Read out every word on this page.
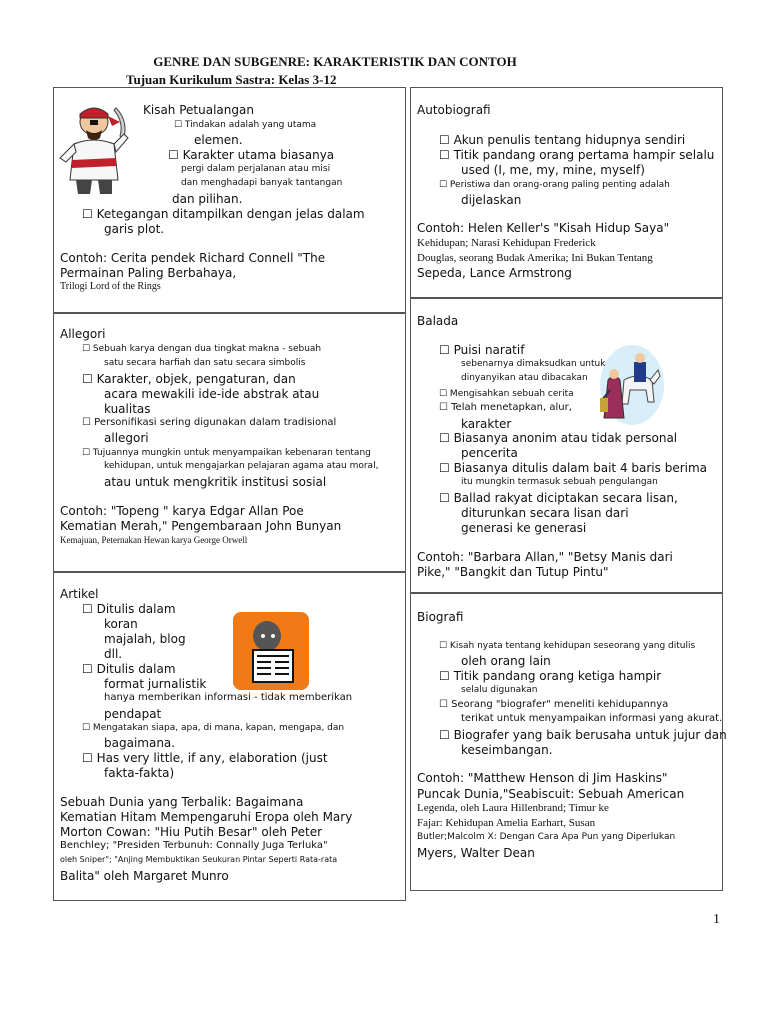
GENRE DAN SUBGENRE: KARAKTERISTIK DAN CONTOH
Tujuan Kurikulum Sastra: Kelas 3-12
Kisah Petualangan
☐ Tindakan adalah yang utama
elemen.
☐ Karakter utama biasanya
pergi dalam perjalanan atau misi
dan menghadapi banyak tantangan
dan pilihan.
☐ Ketegangan ditampilkan dengan jelas dalam
garis plot.
Contoh: Cerita pendek Richard Connell "The
Permainan Paling Berbahaya,
Trilogi Lord of the Rings
Allegori
☐ Sebuah karya dengan dua tingkat makna - sebuah
satu secara harfiah dan satu secara simbolis
☐ Karakter, objek, pengaturan, dan
acara mewakili ide-ide abstrak atau
kualitas
☐ Personifikasi sering digunakan dalam tradisional
allegori
☐ Tujuannya mungkin untuk menyampaikan kebenaran tentang
kehidupan, untuk mengajarkan pelajaran agama atau moral,
atau untuk mengkritik institusi sosial
Contoh: "Topeng " karya Edgar Allan Poe
Kematian Merah," Pengembaraan John Bunyan
Kemajuan, Peternakan Hewan karya George Orwell
Artikel
☐ Ditulis dalam
koran
majalah, blog
dll.
☐ Ditulis dalam
format jurnalistik
hanya memberikan informasi - tidak memberikan
pendapat
☐ Mengatakan siapa, apa, di mana, kapan, mengapa, dan
bagaimana.
☐ Has very little, if any, elaboration (just
fakta-fakta)
Sebuah Dunia yang Terbalik: Bagaimana
Kematian Hitam Mempengaruhi Eropa oleh Mary
Morton Cowan: "Hiu Putih Besar" oleh Peter
Benchley; "Presiden Terbunuh: Connally Juga Terluka"
oleh Sniper"; "Anjing Membuktikan Seukuran Pintar Seperti Rata-rata
Balita" oleh Margaret Munro
Autobiografi
☐ Akun penulis tentang hidupnya sendiri
☐ Titik pandang orang pertama hampir selalu
used (I, me, my, mine, myself)
☐ Peristiwa dan orang-orang paling penting adalah
dijelaskan
Contoh: Helen Keller's "Kisah Hidup Saya"
Kehidupan; Narasi Kehidupan Frederick
Douglas, seorang Budak Amerika; Ini Bukan Tentang
Sepeda, Lance Armstrong
Balada
☐ Puisi naratif
sebenarnya dimaksudkan untuk
dinyanyikan atau dibacakan
☐ Mengisahkan sebuah cerita
☐ Telah menetapkan, alur,
karakter
☐ Biasanya anonim atau tidak personal
pencerita
☐ Biasanya ditulis dalam bait 4 baris berima
itu mungkin termasuk sebuah pengulangan
☐ Ballad rakyat diciptakan secara lisan,
diturunkan secara lisan dari
generasi ke generasi
Contoh: "Barbara Allan," "Betsy Manis dari
Pike," "Bangkit dan Tutup Pintu"
Biografi
☐ Kisah nyata tentang kehidupan seseorang yang ditulis
oleh orang lain
☐ Titik pandang orang ketiga hampir
selalu digunakan
☐ Seorang "biografer" meneliti kehidupannya
terikat untuk menyampaikan informasi yang akurat.
☐ Biografer yang baik berusaha untuk jujur dan
keseimbangan.
Contoh: "Matthew Henson di Jim Haskins"
Puncak Dunia,"Seabiscuit: Sebuah American
Legenda, oleh Laura Hillenbrand; Timur ke
Fajar: Kehidupan Amelia Earhart, Susan
Butler;Malcolm X: Dengan Cara Apa Pun yang Diperlukan
Myers, Walter Dean
1
